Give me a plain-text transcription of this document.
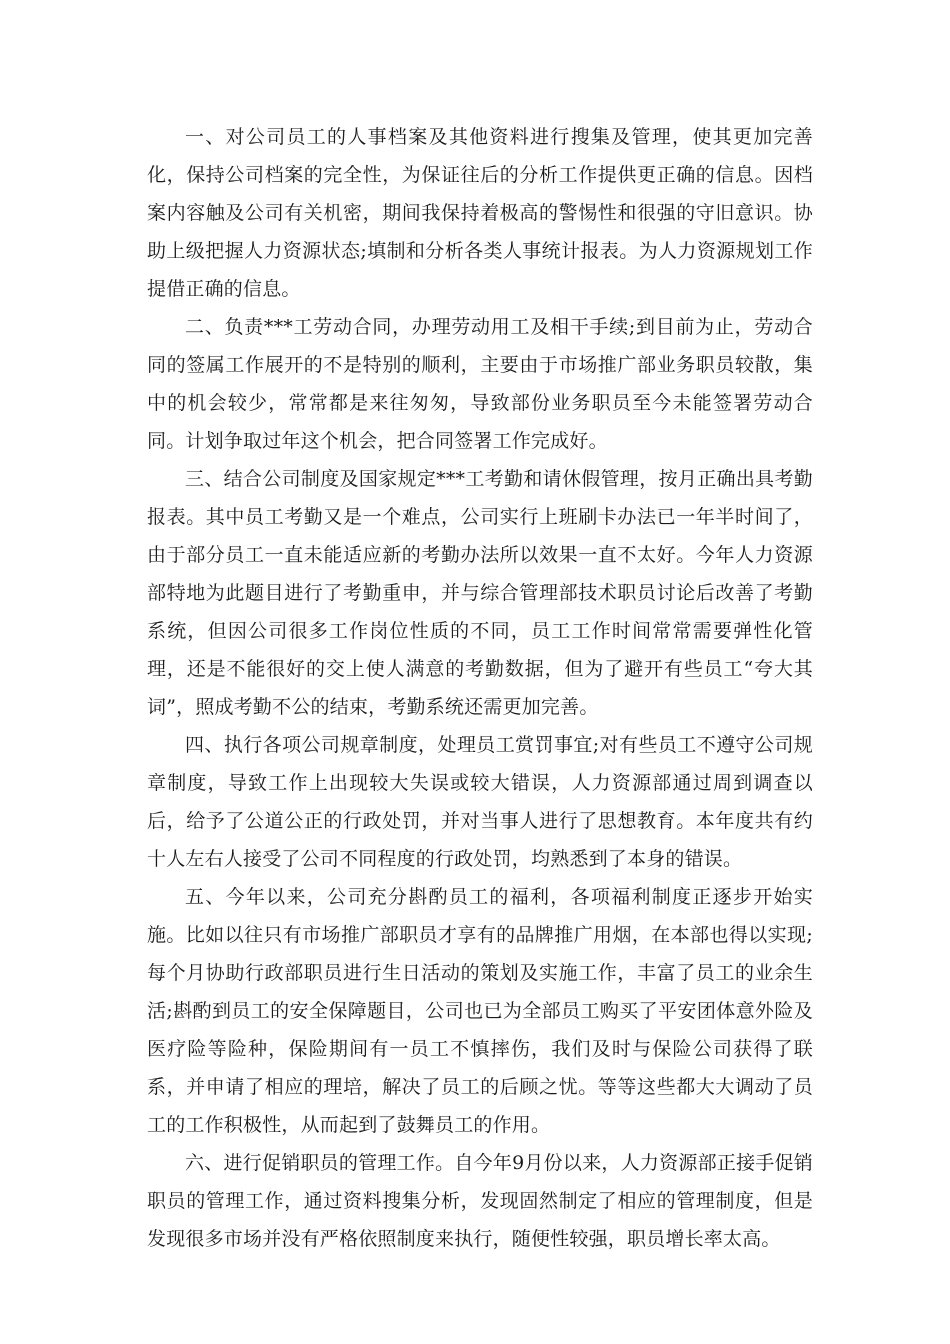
一、对公司员工的人事档案及其他资料进行搜集及管理，使其更加完善化，保持公司档案的完全性，为保证往后的分析工作提供更正确的信息。因档案内容触及公司有关机密，期间我保持着极高的警惕性和很强的守旧意识。协助上级把握人力资源状态;填制和分析各类人事统计报表。为人力资源规划工作提借正确的信息。

二、负责***工劳动合同，办理劳动用工及相干手续;到目前为止，劳动合同的签属工作展开的不是特别的顺利，主要由于市场推广部业务职员较散，集中的机会较少，常常都是来往匆匆，导致部份业务职员至今未能签署劳动合同。计划争取过年这个机会，把合同签署工作完成好。

三、结合公司制度及国家规定***工考勤和请休假管理，按月正确出具考勤报表。其中员工考勤又是一个难点，公司实行上班刷卡办法已一年半时间了，由于部分员工一直未能适应新的考勤办法所以效果一直不太好。今年人力资源部特地为此题目进行了考勤重申，并与综合管理部技术职员讨论后改善了考勤系统，但因公司很多工作岗位性质的不同，员工工作时间常常需要弹性化管理，还是不能很好的交上使人满意的考勤数据，但为了避开有些员工“夸大其词”，照成考勤不公的结束，考勤系统还需更加完善。

四、执行各项公司规章制度，处理员工赏罚事宜;对有些员工不遵守公司规章制度，导致工作上出现较大失误或较大错误，人力资源部通过周到调查以后，给予了公道公正的行政处罚，并对当事人进行了思想教育。本年度共有约十人左右人接受了公司不同程度的行政处罚，均熟悉到了本身的错误。

五、今年以来，公司充分斟酌员工的福利，各项福利制度正逐步开始实施。比如以往只有市场推广部职员才享有的品牌推广用烟，在本部也得以实现;每个月协助行政部职员进行生日活动的策划及实施工作，丰富了员工的业余生活;斟酌到员工的安全保障题目，公司也已为全部员工购买了平安团体意外险及医疗险等险种，保险期间有一员工不慎摔伤，我们及时与保险公司获得了联系，并申请了相应的理培，解决了员工的后顾之忧。等等这些都大大调动了员工的工作积极性，从而起到了鼓舞员工的作用。

六、进行促销职员的管理工作。自今年9月份以来，人力资源部正接手促销职员的管理工作，通过资料搜集分析，发现固然制定了相应的管理制度，但是发现很多市场并没有严格依照制度来执行，随便性较强，职员增长率太高。
